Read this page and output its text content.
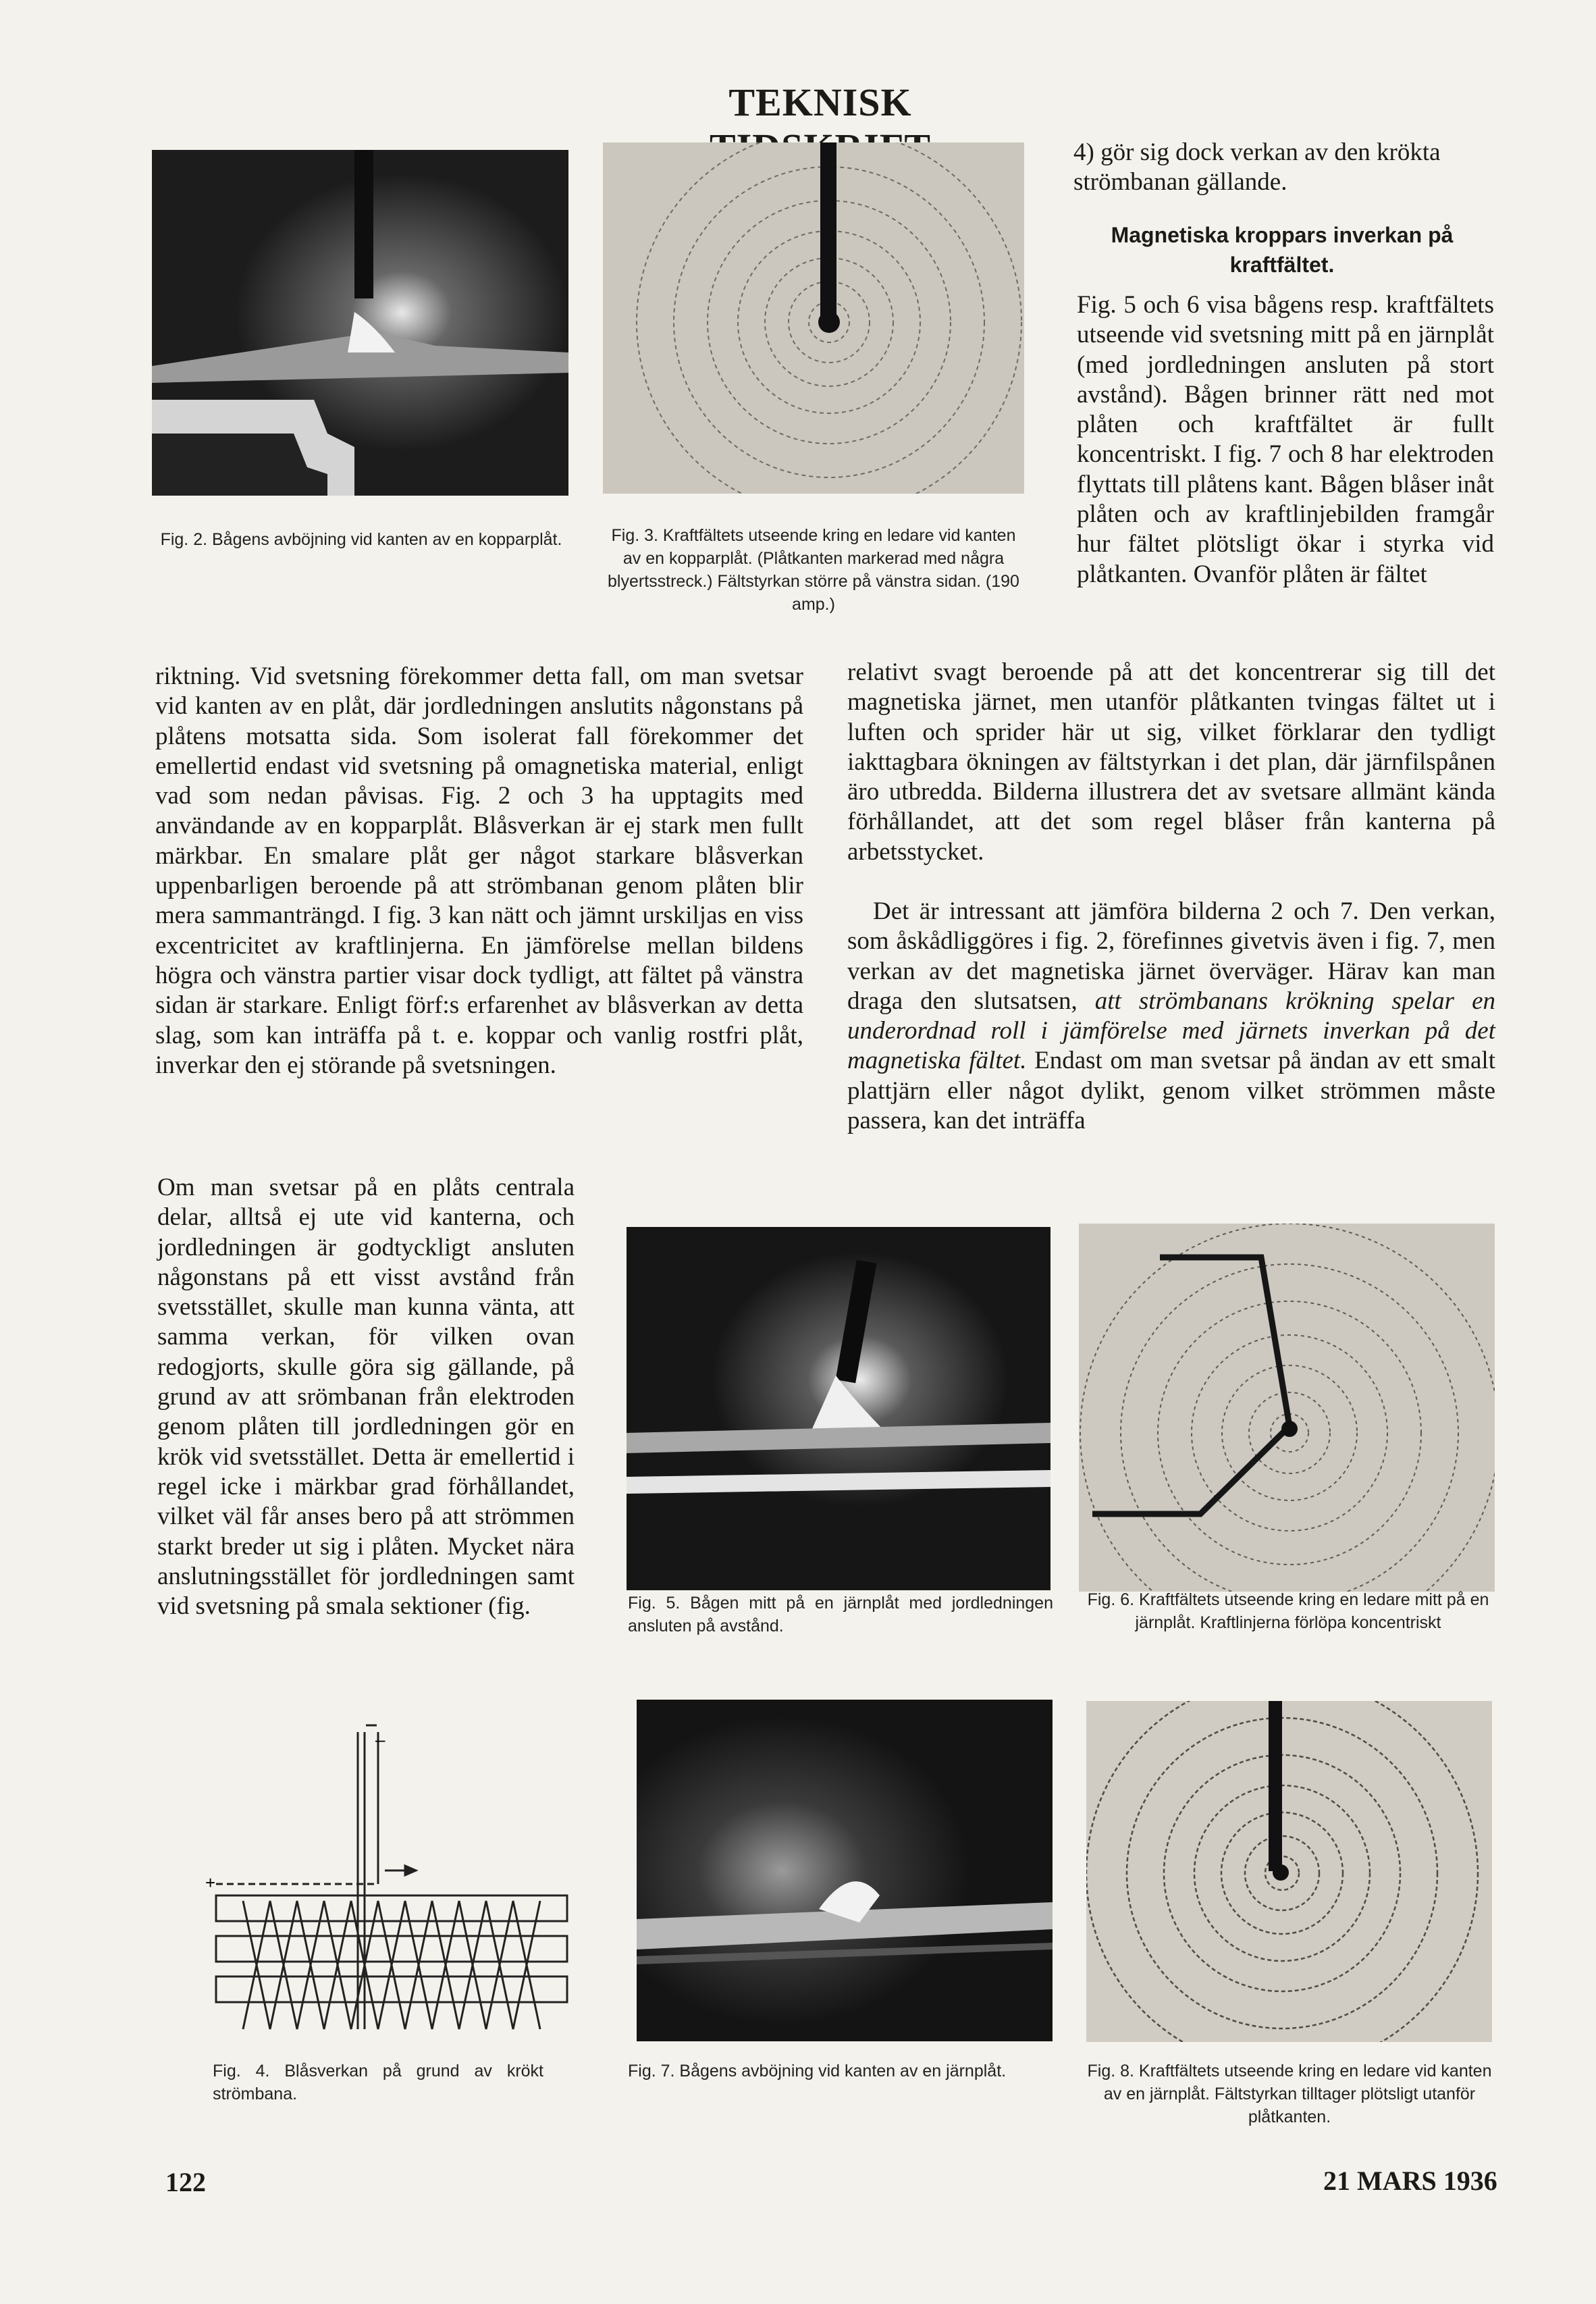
TEKNISK
Fig. 2. Bågens avböjning vid kanten av en kopparplåt.	Fig. 3. Kraftfältets utseende kring en ledare vid kanten av en kopparplåt. (Plåtkanten markerad med några blyertsstreck.) Fältstyrkan större på vänstra sidan. (190 amp.)
4) gör sig dock verkan av den krökta strömbanan gällande.
Magnetiska kroppars inverkan på kraftfältet.
Fig. 5 och 6 visa bågens resp. kraftfältets utseende vid svetsning mitt på en järnplåt (med jordledningen ansluten på stort avstånd). Bågen brinner rätt ned mot plåten och kraftfältet är fullt koncentriskt. I fig. 7 och 8 har elektroden flyttats till plåtens kant. Bågen blåser inåt plåten och av kraftlinjebilden framgår hur fältet plötsligt ökar i styrka vid plåtkanten. Ovanför plåten är fältet
riktning. Vid svetsning förekommer detta fall, om man svetsar vid kanten av en plåt, där jordledningen anslutits någonstans på plåtens motsatta sida. Som isolerat fall förekommer det emellertid endast vid svetsning på omagnetiska material, enligt vad som nedan påvisas. Fig. 2 och 3 ha upptagits med användande av en kopparplåt. Blåsverkan är ej stark men fullt märkbar. En smalare plåt ger något starkare blåsverkan uppenbarligen beroende på att strömbanan genom plåten blir mera sammanträngd. I fig. 3 kan nätt och jämnt urskiljas en viss excentricitet av kraftlinjerna. En jämförelse mellan bildens högra och vänstra partier visar dock tydligt, att fältet på vänstra sidan är starkare. Enligt förf:s erfarenhet av blåsverkan av detta slag, som kan inträffa på t. e. koppar och vanlig rostfri plåt, inverkar den ej störande på svetsningen.
Om man svetsar på en plåts centrala delar, alltså ej ute vid kanterna, och jordledningen är godtyckligt ansluten någonstans på ett visst avstånd från svetsstället, skulle man kunna vänta, att samma verkan, för vilken ovan redogjorts, skulle göra sig gällande, på grund av att srömbanan från elektroden genom plåten till jordledningen gör en krök vid svetsstället. Detta är emellertid i regel icke i märkbar grad förhållandet, vilket väl får anses bero på att strömmen starkt breder ut sig i plåten. Mycket nära anslutningsstället för jordledningen samt vid svetsning på smala sektioner (fig.
relativt svagt beroende på att det koncentrerar sig till det magnetiska järnet, men utanför plåtkanten tvingas fältet ut i luften och sprider här ut sig, vilket förklarar den tydligt iakttagbara ökningen av fältstyrkan i det plan, där järnfilspånen äro utbredda. Bilderna illustrera det av svetsare allmänt kända förhållandet, att det som regel blåser från kanterna på arbetsstycket.
Det är intressant att jämföra bilderna 2 och 7. Den verkan, som åskådliggöres i fig. 2, förefinnes givetvis även i fig. 7, men verkan av det magnetiska järnet överväger. Härav kan man draga den slutsatsen, att strömbanans krökning spelar en underordnad roll i jämförelse med järnets inverkan på det magnetiska fältet. Endast om man svetsar på ändan av ett smalt plattjärn eller något dylikt, genom vilket strömmen måste passera, kan det inträffa
Fig. 5. Bågen mitt på en järnplåt med jordledningen ansluten på avstånd.
Fig. 6. Kraftfältets utseende kring en ledare mitt på en järnplåt. Kraftlinjerna förlöpa koncentriskt
+
–
Fig. 4. Blåsverkan på grund av krökt strömbana.
Fig. 7. Bågens avböjning vid kanten av en järnplåt.	Fig. 8. Kraftfältets utseende kring en ledare vid kanten av en järnplåt. Fältstyrkan tilltager plötsligt utanför plåtkanten.
122	21 MARS 1936
